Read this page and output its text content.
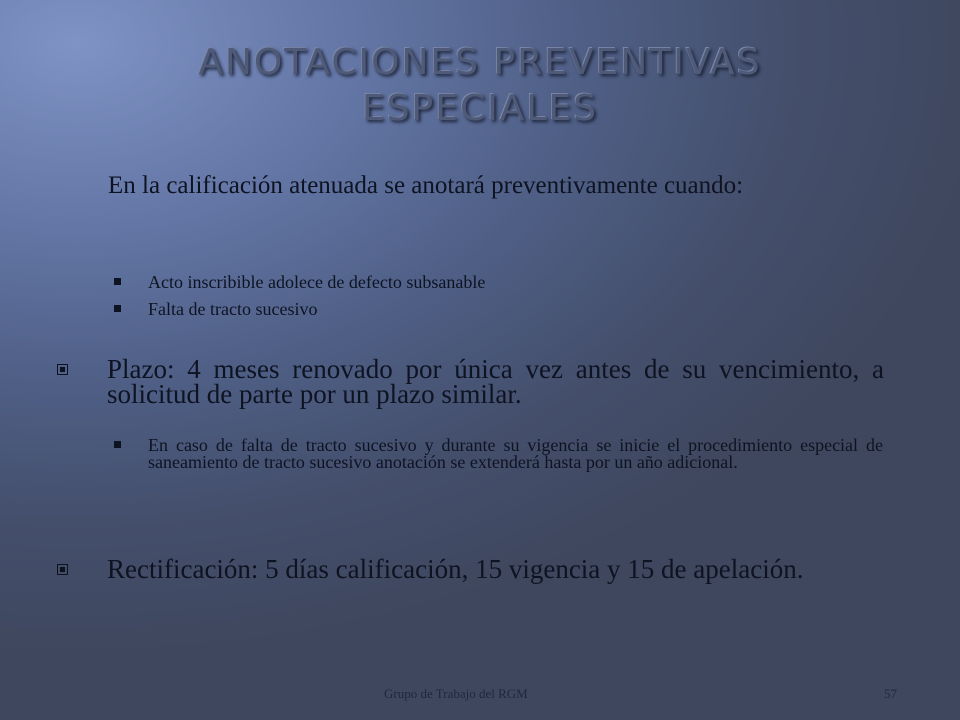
ANOTACIONES PREVENTIVAS ESPECIALES
En la calificación atenuada se anotará preventivamente cuando:
Acto inscribible adolece de defecto subsanable
Falta de tracto sucesivo
Plazo: 4 meses renovado por única vez antes de su vencimiento, a solicitud de parte por un plazo similar.
En caso de falta de tracto sucesivo y durante su vigencia se inicie el procedimiento especial de saneamiento de tracto sucesivo anotación se extenderá hasta por un año adicional.
Rectificación: 5 días calificación, 15 vigencia y 15 de apelación.
Grupo de Trabajo del RGM	57
